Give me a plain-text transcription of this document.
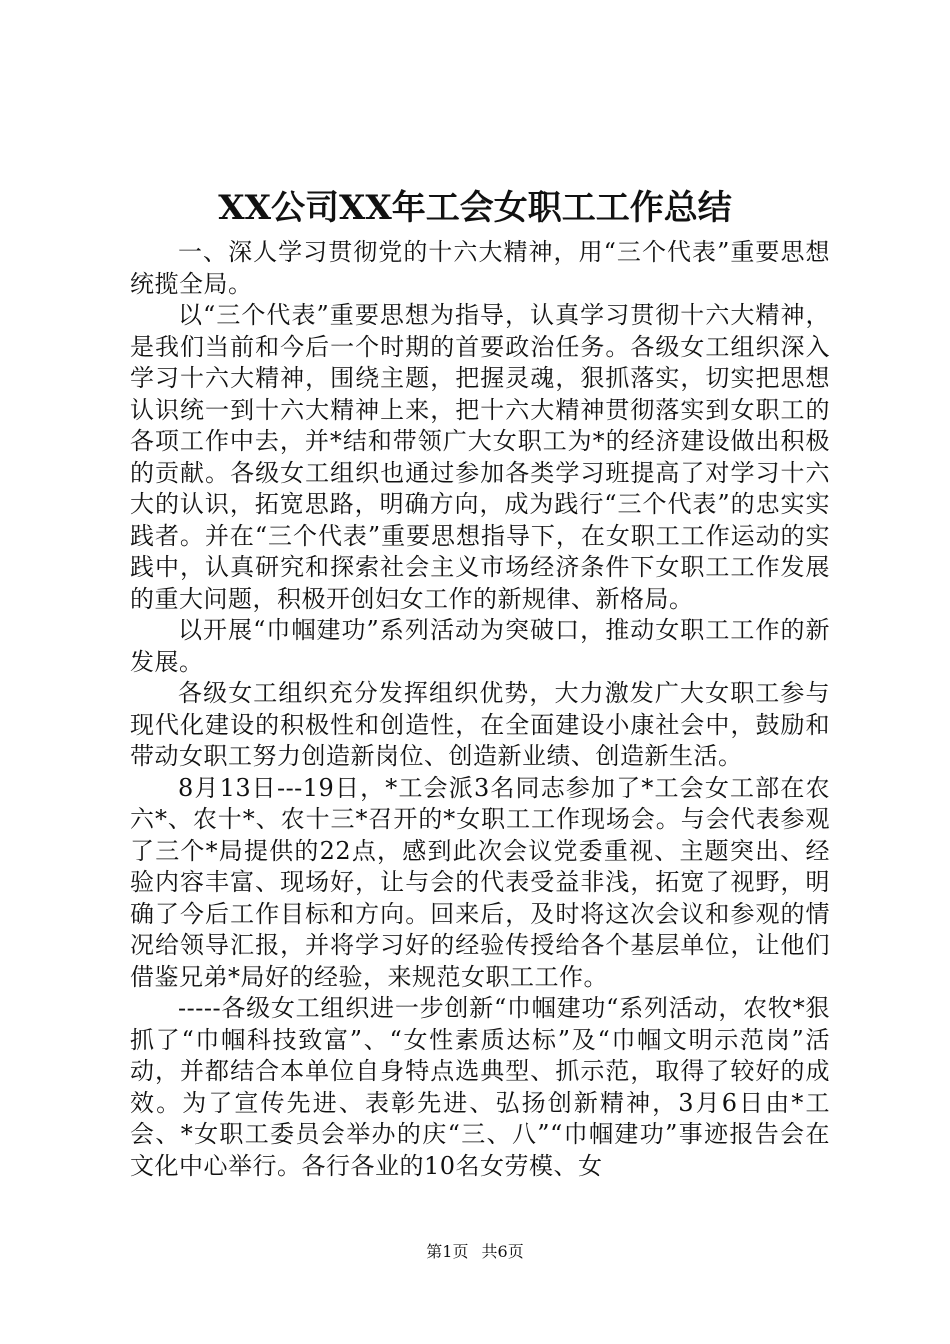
XX公司XX年工会女职工工作总结

一、深人学习贯彻党的十六大精神，用“三个代表”重要思想统揽全局。

以“三个代表”重要思想为指导，认真学习贯彻十六大精神，是我们当前和今后一个时期的首要政治任务。各级女工组织深入学习十六大精神，围绕主题，把握灵魂，狠抓落实，切实把思想认识统一到十六大精神上来，把十六大精神贯彻落实到女职工的各项工作中去，并*结和带领广大女职工为*的经济建设做出积极的贡献。各级女工组织也通过参加各类学习班提高了对学习十六大的认识，拓宽思路，明确方向，成为践行“三个代表”的忠实实践者。并在“三个代表”重要思想指导下，在女职工工作运动的实践中，认真研究和探索社会主义市场经济条件下女职工工作发展的重大问题，积极开创妇女工作的新规律、新格局。

以开展“巾帼建功”系列活动为突破口，推动女职工工作的新发展。

各级女工组织充分发挥组织优势，大力激发广大女职工参与现代化建设的积极性和创造性，在全面建设小康社会中，鼓励和带动女职工努力创造新岗位、创造新业绩、创造新生活。

8月13日---19日，*工会派3名同志参加了*工会女工部在农六*、农十*、农十三*召开的*女职工工作现场会。与会代表参观了三个*局提供的22点，感到此次会议党委重视、主题突出、经验内容丰富、现场好，让与会的代表受益非浅，拓宽了视野，明确了今后工作目标和方向。回来后，及时将这次会议和参观的情况给领导汇报，并将学习好的经验传授给各个基层单位，让他们借鉴兄弟*局好的经验，来规范女职工工作。

-----各级女工组织进一步创新“巾帼建功“系列活动，农牧*狠抓了“巾帼科技致富”、“女性素质达标”及“巾帼文明示范岗”活动，并都结合本单位自身特点选典型、抓示范，取得了较好的成效。为了宣传先进、表彰先进、弘扬创新精神，3月6日由*工会、*女职工委员会举办的庆“三、八”“巾帼建功”事迹报告会在文化中心举行。各行各业的10名女劳模、女

第1页 共6页
